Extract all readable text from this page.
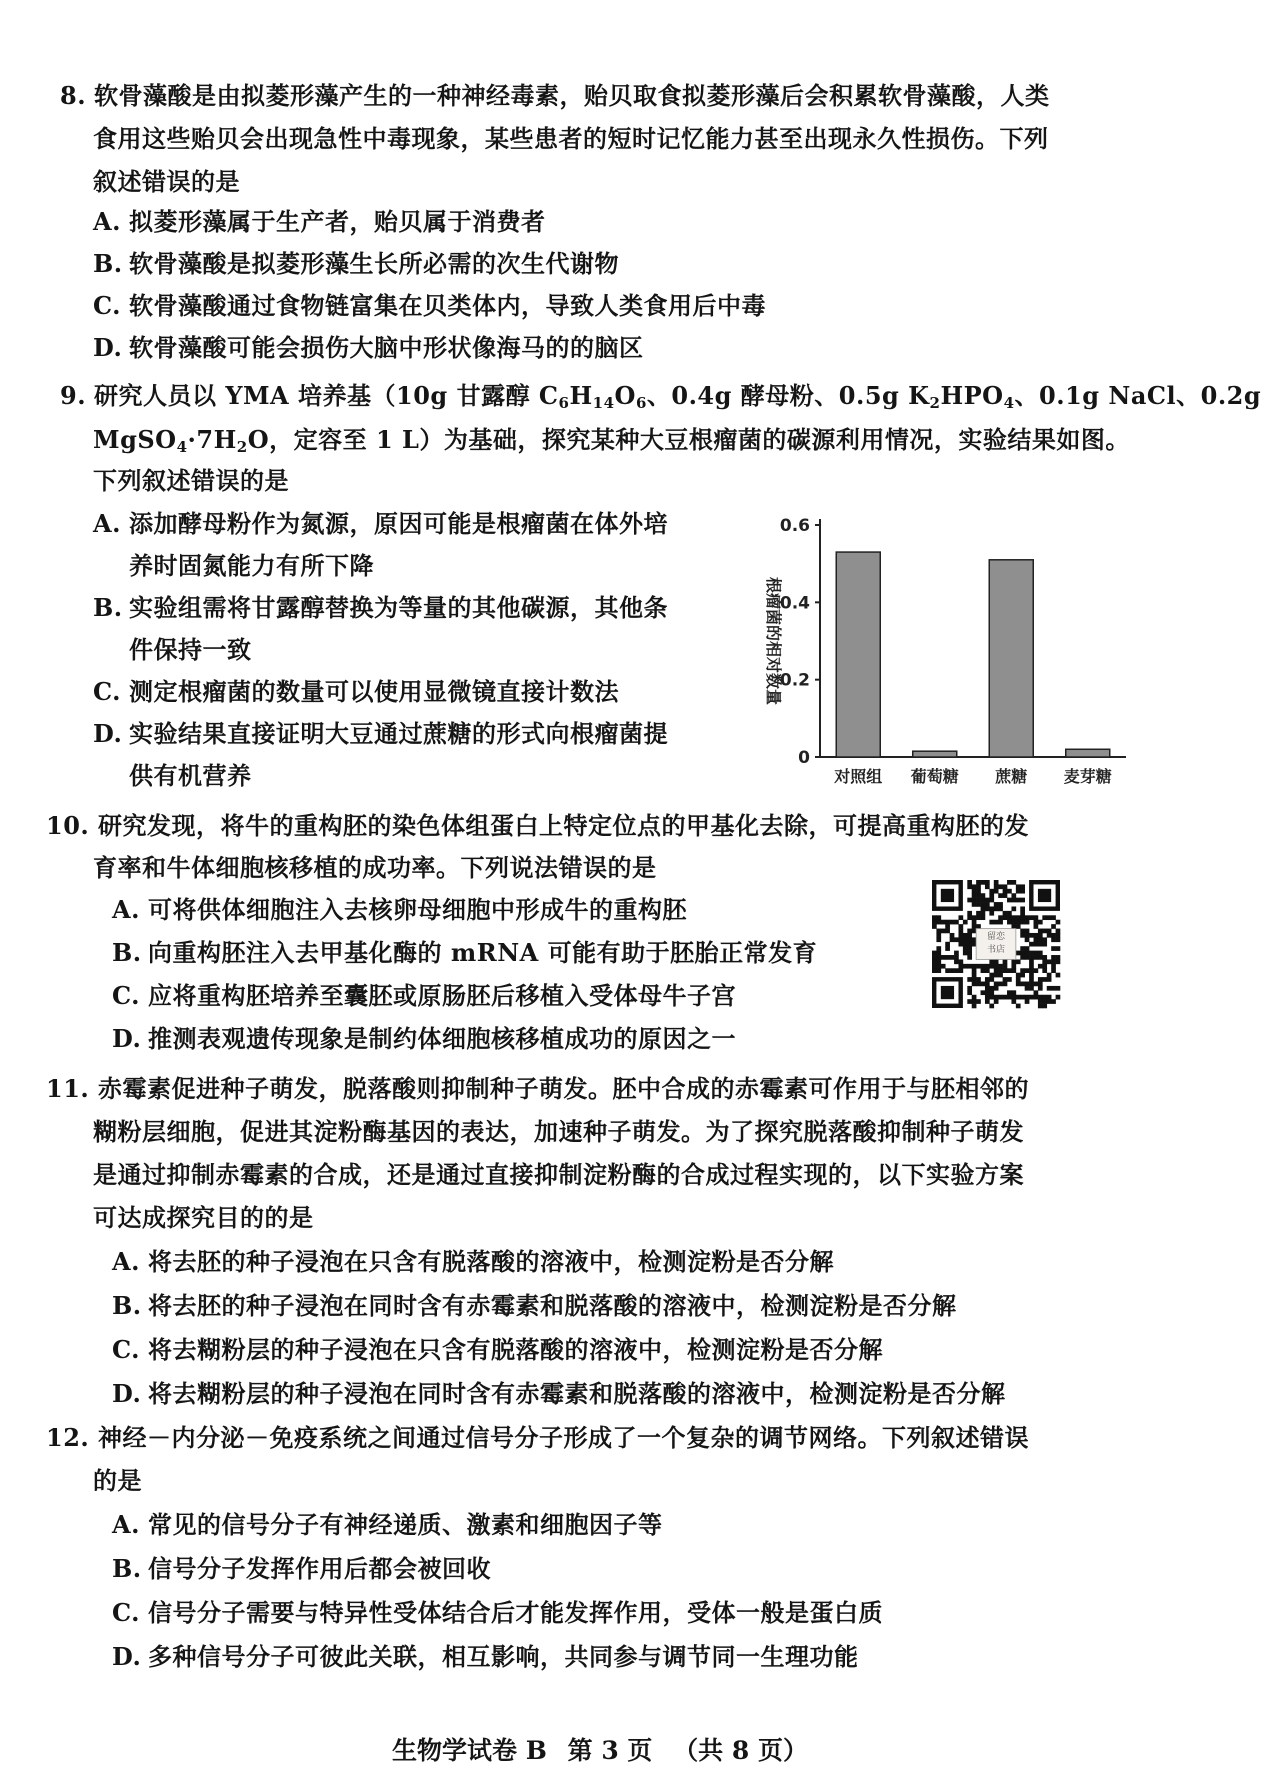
8. 软骨藻酸是由拟菱形藻产生的一种神经毒素，贻贝取食拟菱形藻后会积累软骨藻酸，人类
食用这些贻贝会出现急性中毒现象，某些患者的短时记忆能力甚至出现永久性损伤。下列
叙述错误的是
A. 拟菱形藻属于生产者，贻贝属于消费者
B. 软骨藻酸是拟菱形藻生长所必需的次生代谢物
C. 软骨藻酸通过食物链富集在贝类体内，导致人类食用后中毒
D. 软骨藻酸可能会损伤大脑中形状像海马的的脑区
9. 研究人员以 YMA 培养基（10g 甘露醇 $C_6H_{14}O_6$、0.4g 酵母粉、0.5g $K_2HPO_4$、0.1g NaCl、0.2g
$MgSO_4\cdot 7H_2O$，定容至 1 L）为基础，探究某种大豆根瘤菌的碳源利用情况，实验结果如图。
下列叙述错误的是
A. 添加酵母粉作为氮源，原因可能是根瘤菌在体外培
养时固氮能力有所下降
B. 实验组需将甘露醇替换为等量的其他碳源，其他条
件保持一致
C. 测定根瘤菌的数量可以使用显微镜直接计数法
D. 实验结果直接证明大豆通过蔗糖的形式向根瘤菌提
供有机营养
0
0.2
0.4
0.6
根瘤菌的相对数量
对照组 葡萄糖 蔗糖 麦芽糖
10. 研究发现，将牛的重构胚的染色体组蛋白上特定位点的甲基化去除，可提高重构胚的发
育率和牛体细胞核移植的成功率。下列说法错误的是
A. 可将供体细胞注入去核卵母细胞中形成牛的重构胚
B. 向重构胚注入去甲基化酶的 mRNA 可能有助于胚胎正常发育
C. 应将重构胚培养至囊胚或原肠胚后移植入受体母牛子宫
D. 推测表观遗传现象是制约体细胞核移植成功的原因之一
留恋
书店
11. 赤霉素促进种子萌发，脱落酸则抑制种子萌发。胚中合成的赤霉素可作用于与胚相邻的
糊粉层细胞，促进其淀粉酶基因的表达，加速种子萌发。为了探究脱落酸抑制种子萌发
是通过抑制赤霉素的合成，还是通过直接抑制淀粉酶的合成过程实现的，以下实验方案
可达成探究目的的是
A. 将去胚的种子浸泡在只含有脱落酸的溶液中，检测淀粉是否分解
B. 将去胚的种子浸泡在同时含有赤霉素和脱落酸的溶液中，检测淀粉是否分解
C. 将去糊粉层的种子浸泡在只含有脱落酸的溶液中，检测淀粉是否分解
D. 将去糊粉层的种子浸泡在同时含有赤霉素和脱落酸的溶液中，检测淀粉是否分解
12. 神经－内分泌－免疫系统之间通过信号分子形成了一个复杂的调节网络。下列叙述错误
的是
A. 常见的信号分子有神经递质、激素和细胞因子等
B. 信号分子发挥作用后都会被回收
C. 信号分子需要与特异性受体结合后才能发挥作用，受体一般是蛋白质
D. 多种信号分子可彼此关联，相互影响，共同参与调节同一生理功能
生物学试卷 B 第 3 页 （共 8 页）
